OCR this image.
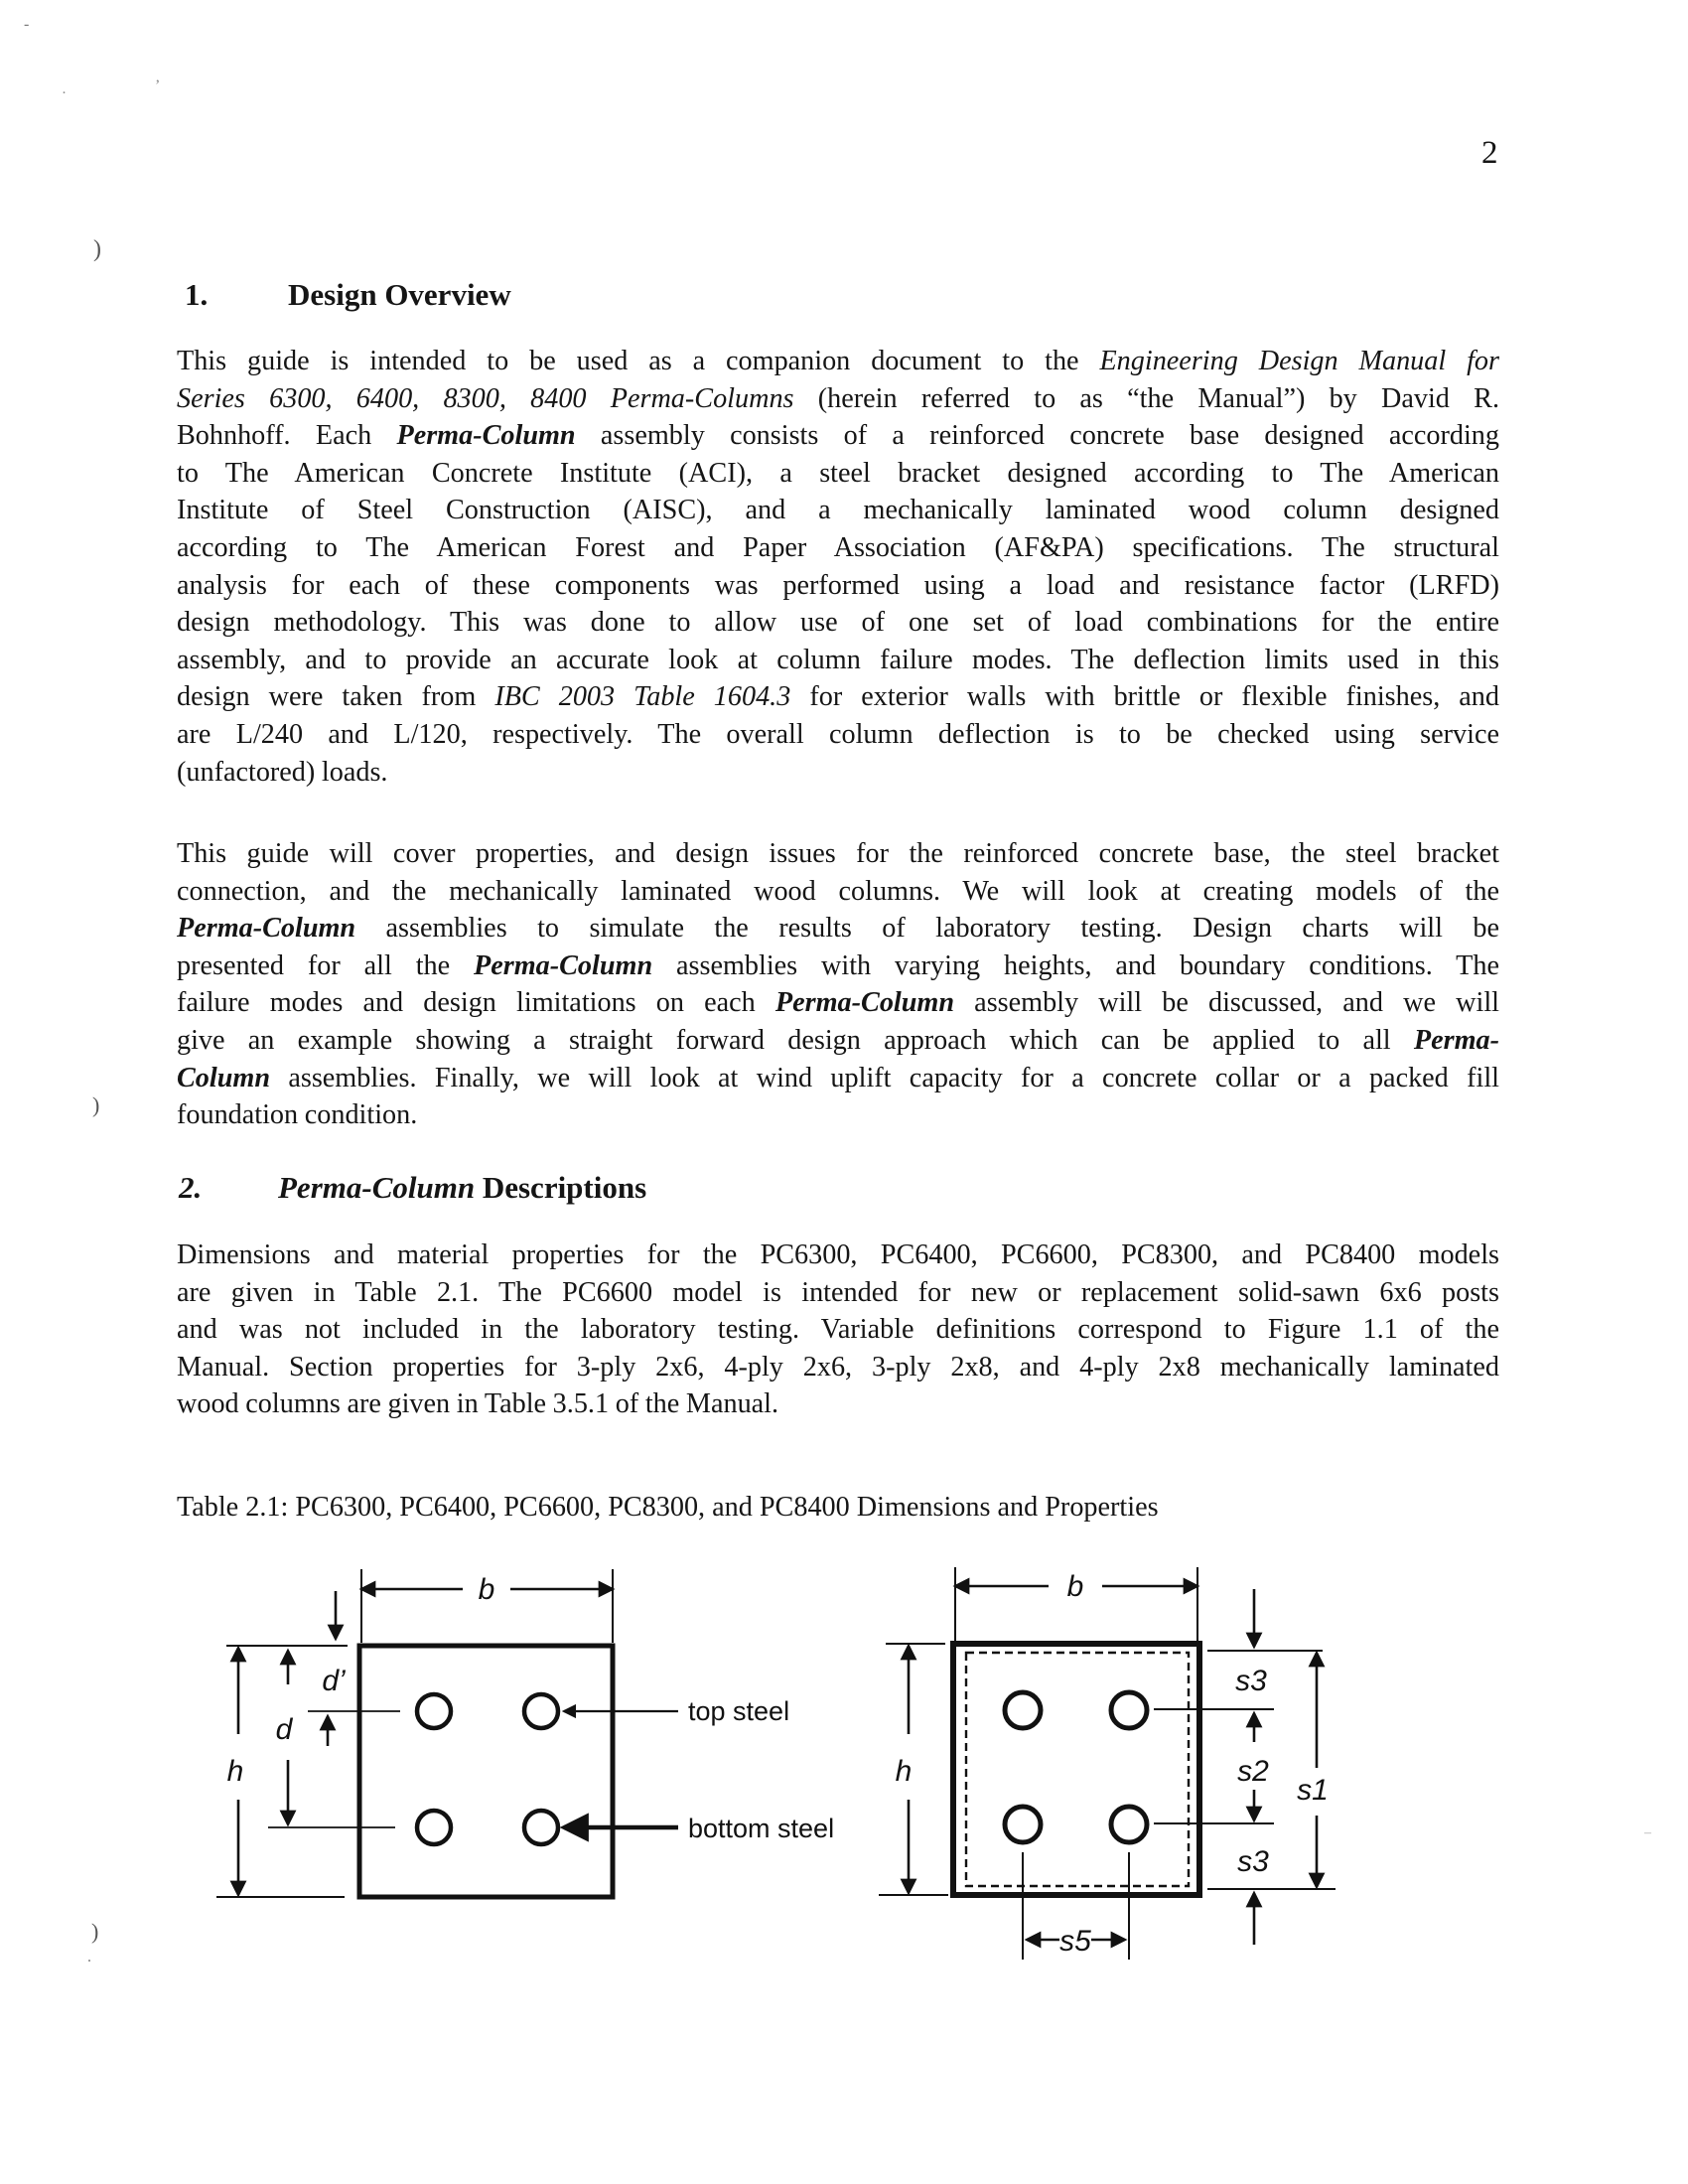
2
1.	Design Overview
This guide is intended to be used as a companion document to the Engineering Design Manual for
Series 6300, 6400, 8300, 8400 Perma-Columns (herein referred to as “the Manual”) by David R.
Bohnhoff. Each Perma-Column assembly consists of a reinforced concrete base designed according
to The American Concrete Institute (ACI), a steel bracket designed according to The American
Institute of Steel Construction (AISC), and a mechanically laminated wood column designed
according to The American Forest and Paper Association (AF&PA) specifications. The structural
analysis for each of these components was performed using a load and resistance factor (LRFD)
design methodology. This was done to allow use of one set of load combinations for the entire
assembly, and to provide an accurate look at column failure modes. The deflection limits used in this
design were taken from IBC 2003 Table 1604.3 for exterior walls with brittle or flexible finishes, and
are L/240 and L/120, respectively. The overall column deflection is to be checked using service
(unfactored) loads.
This guide will cover properties, and design issues for the reinforced concrete base, the steel bracket
connection, and the mechanically laminated wood columns. We will look at creating models of the
Perma-Column assemblies to simulate the results of laboratory testing. Design charts will be
presented for all the Perma-Column assemblies with varying heights, and boundary conditions. The
failure modes and design limitations on each Perma-Column assembly will be discussed, and we will
give an example showing a straight forward design approach which can be applied to all Perma-
Column assemblies. Finally, we will look at wind uplift capacity for a concrete collar or a packed fill
foundation condition.
2. Perma-Column Descriptions
Dimensions and material properties for the PC6300, PC6400, PC6600, PC8300, and PC8400 models
are given in Table 2.1. The PC6600 model is intended for new or replacement solid-sawn 6x6 posts
and was not included in the laboratory testing. Variable definitions correspond to Figure 1.1 of the
Manual. Section properties for 3-ply 2x6, 4-ply 2x6, 3-ply 2x8, and 4-ply 2x8 mechanically laminated
wood columns are given in Table 3.5.1 of the Manual.
Table 2.1: PC6300, PC6400, PC6600, PC8300, and PC8400 Dimensions and Properties
b
h
d
d’
top steel
bottom steel
b
h
s3
s2
s3
s1
s5
-
·	’
)
)
)
.
–
